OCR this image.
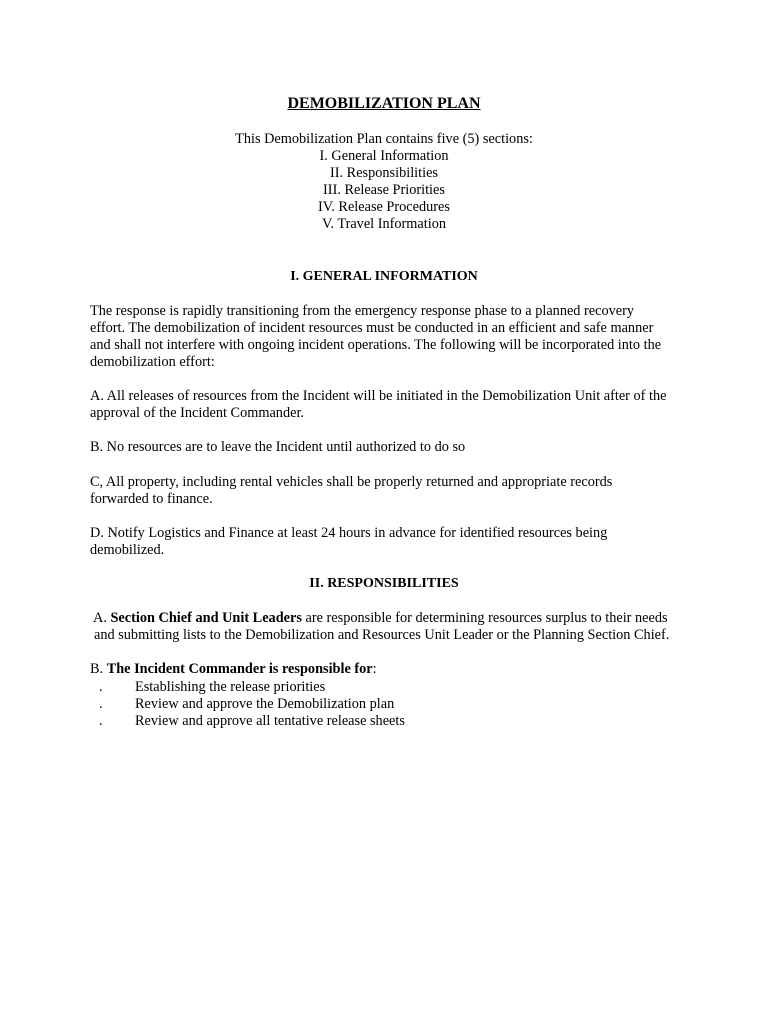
DEMOBILIZATION PLAN
This Demobilization Plan contains five (5) sections:
I. General Information
II. Responsibilities
III. Release Priorities
IV. Release Procedures
V. Travel Information
I. GENERAL INFORMATION
The response is rapidly transitioning from the emergency response phase to a planned recovery
effort. The demobilization of incident resources must be conducted in an efficient and safe manner
and shall not interfere with ongoing incident operations. The following will be incorporated into the
demobilization effort:
A. All releases of resources from the Incident will be initiated in the Demobilization Unit after of the
approval of the Incident Commander.
B. No resources are to leave the Incident until authorized to do so
C, All property, including rental vehicles shall be properly returned and appropriate records
forwarded to finance.
D. Notify Logistics and Finance at least 24 hours in advance for identified resources being
demobilized.
II. RESPONSIBILITIES
A. Section Chief and Unit Leaders are responsible for determining resources surplus to their needs
and submitting lists to the Demobilization and Resources Unit Leader or the Planning Section Chief.
B. The Incident Commander is responsible for:
. Establishing the release priorities
. Review and approve the Demobilization plan
. Review and approve all tentative release sheets
